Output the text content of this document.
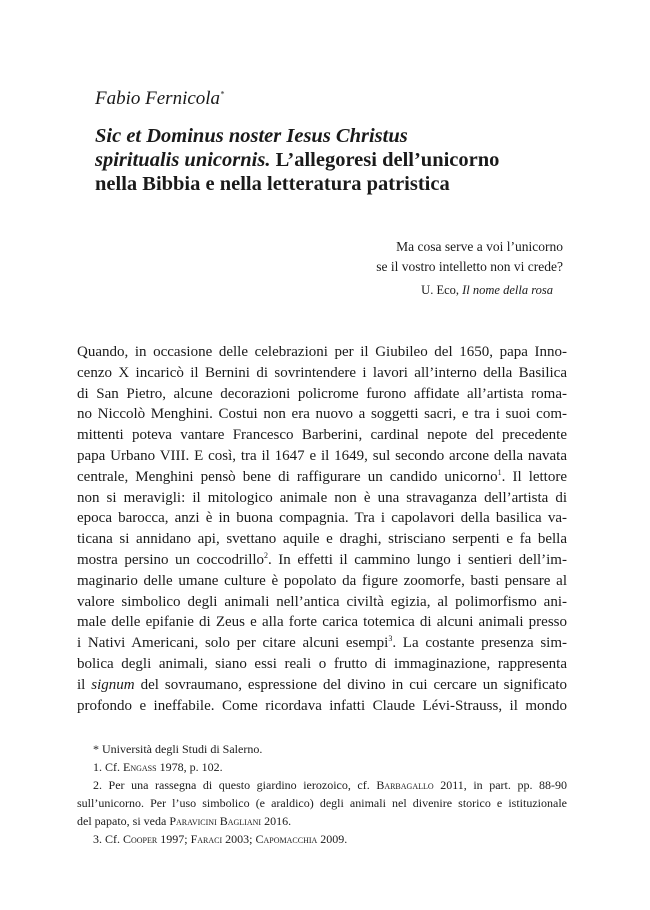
Fabio Fernicola*
Sic et Dominus noster Iesus Christus
spiritualis unicornis. L’allegoresi dell’unicorno
nella Bibbia e nella letteratura patristica
Ma cosa serve a voi l’unicorno
se il vostro intelletto non vi crede?
U. Eco, Il nome della rosa
Quando, in occasione delle celebrazioni per il Giubileo del 1650, papa Inno-
cenzo X incaricò il Bernini di sovrintendere i lavori all’interno della Basilica
di San Pietro, alcune decorazioni policrome furono affidate all’artista roma-
no Niccolò Menghini. Costui non era nuovo a soggetti sacri, e tra i suoi com-
mittenti poteva vantare Francesco Barberini, cardinal nepote del precedente
papa Urbano VIII. E così, tra il 1647 e il 1649, sul secondo arcone della navata
centrale, Menghini pensò bene di raffigurare un candido unicorno$^1$. Il lettore
non si meravigli: il mitologico animale non è una stravaganza dell’artista di
epoca barocca, anzi è in buona compagnia. Tra i capolavori della basilica va-
ticana si annidano api, svettano aquile e draghi, strisciano serpenti e fa bella
mostra persino un coccodrillo$^2$. In effetti il cammino lungo i sentieri dell’im-
maginario delle umane culture è popolato da figure zoomorfe, basti pensare al
valore simbolico degli animali nell’antica civiltà egizia, al polimorfismo ani-
male delle epifanie di Zeus e alla forte carica totemica di alcuni animali presso
i Nativi Americani, solo per citare alcuni esempi$^3$. La costante presenza sim-
bolica degli animali, siano essi reali o frutto di immaginazione, rappresenta
il signum del sovraumano, espressione del divino in cui cercare un significato
profondo e ineffabile. Come ricordava infatti Claude Lévi-Strauss, il mondo
* Università degli Studi di Salerno.
1. Cf. Engass 1978, p. 102.
2. Per una rassegna di questo giardino ierozoico, cf. Barbagallo 2011, in part. pp. 88-90
sull’unicorno. Per l’uso simbolico (e araldico) degli animali nel divenire storico e istituzionale
del papato, si veda Paravicini Bagliani 2016.
3. Cf. Cooper 1997; Faraci 2003; Capomacchia 2009.
